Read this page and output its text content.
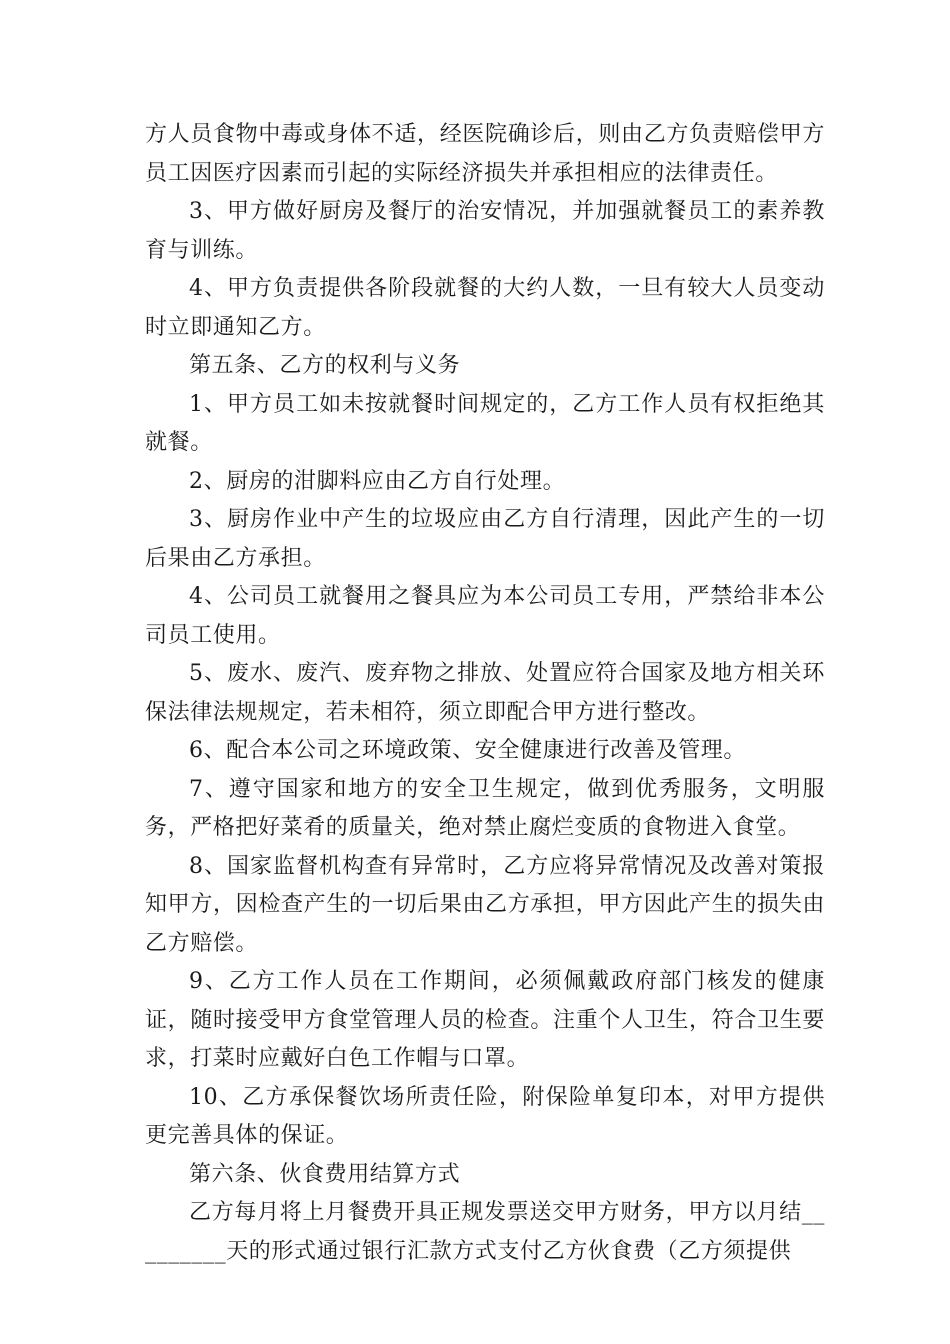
方人员食物中毒或身体不适，经医院确诊后，则由乙方负责赔偿甲方员工因医疗因素而引起的实际经济损失并承担相应的法律责任。

3、甲方做好厨房及餐厅的治安情况，并加强就餐员工的素养教育与训练。

4、甲方负责提供各阶段就餐的大约人数，一旦有较大人员变动时立即通知乙方。

第五条、乙方的权利与义务

1、甲方员工如未按就餐时间规定的，乙方工作人员有权拒绝其就餐。

2、厨房的泔脚料应由乙方自行处理。

3、厨房作业中产生的垃圾应由乙方自行清理，因此产生的一切后果由乙方承担。

4、公司员工就餐用之餐具应为本公司员工专用，严禁给非本公司员工使用。

5、废水、废汽、废弃物之排放、处置应符合国家及地方相关环保法律法规规定，若未相符，须立即配合甲方进行整改。

6、配合本公司之环境政策、安全健康进行改善及管理。

7、遵守国家和地方的安全卫生规定，做到优秀服务，文明服务，严格把好菜肴的质量关，绝对禁止腐烂变质的食物进入食堂。

8、国家监督机构查有异常时，乙方应将异常情况及改善对策报知甲方，因检查产生的一切后果由乙方承担，甲方因此产生的损失由乙方赔偿。

9、乙方工作人员在工作期间，必须佩戴政府部门核发的健康证，随时接受甲方食堂管理人员的检查。注重个人卫生，符合卫生要求，打菜时应戴好白色工作帽与口罩。

10、乙方承保餐饮场所责任险，附保险单复印本，对甲方提供更完善具体的保证。

第六条、伙食费用结算方式

乙方每月将上月餐费开具正规发票送交甲方财务，甲方以月结_________天的形式通过银行汇款方式支付乙方伙食费（乙方须提供
